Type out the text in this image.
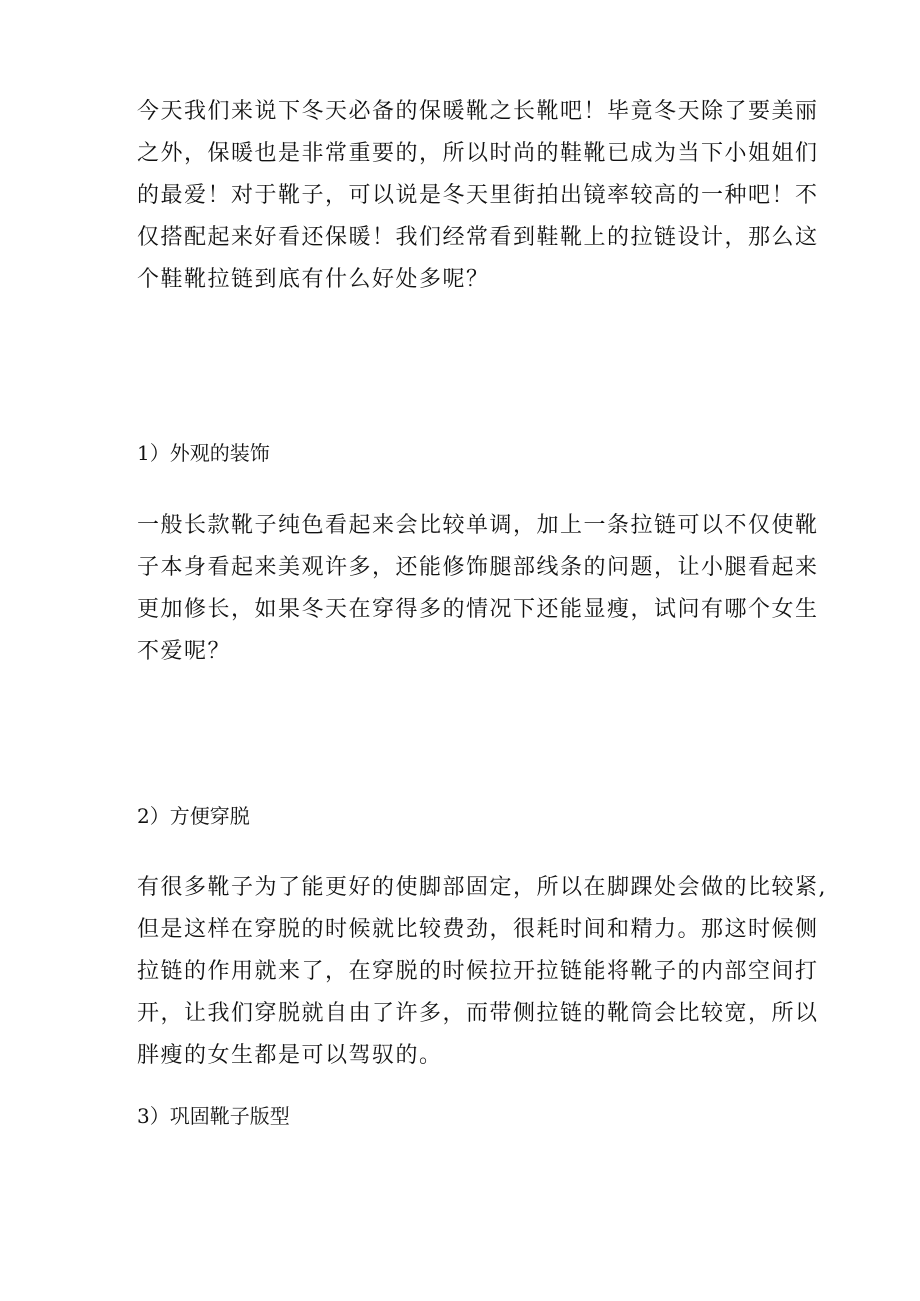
今天我们来说下冬天必备的保暖靴之长靴吧！毕竟冬天除了要美丽
之外，保暖也是非常重要的，所以时尚的鞋靴已成为当下小姐姐们
的最爱！对于靴子，可以说是冬天里街拍出镜率较高的一种吧！不
仅搭配起来好看还保暖！我们经常看到鞋靴上的拉链设计，那么这
个鞋靴拉链到底有什么好处多呢？

1）外观的装饰

一般长款靴子纯色看起来会比较单调，加上一条拉链可以不仅使靴
子本身看起来美观许多，还能修饰腿部线条的问题，让小腿看起来
更加修长，如果冬天在穿得多的情况下还能显瘦，试问有哪个女生
不爱呢？

2）方便穿脱

有很多靴子为了能更好的使脚部固定，所以在脚踝处会做的比较紧,
但是这样在穿脱的时候就比较费劲，很耗时间和精力。那这时候侧
拉链的作用就来了，在穿脱的时候拉开拉链能将靴子的内部空间打
开，让我们穿脱就自由了许多，而带侧拉链的靴筒会比较宽，所以
胖瘦的女生都是可以驾驭的。

3）巩固靴子版型
